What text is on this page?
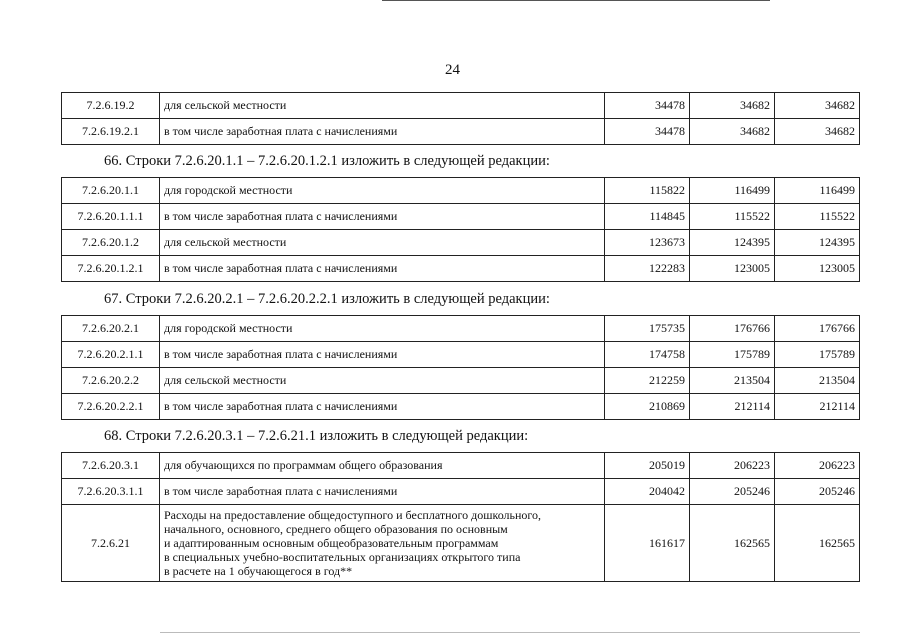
24
7.2.6.19.2	для сельской местности	34478	34682	34682
7.2.6.19.2.1	в том числе заработная плата с начислениями	34478	34682	34682
66. Строки 7.2.6.20.1.1 – 7.2.6.20.1.2.1 изложить в следующей редакции:
7.2.6.20.1.1	для городской местности	115822	116499	116499
7.2.6.20.1.1.1	в том числе заработная плата с начислениями	114845	115522	115522
7.2.6.20.1.2	для сельской местности	123673	124395	124395
7.2.6.20.1.2.1	в том числе заработная плата с начислениями	122283	123005	123005
67. Строки 7.2.6.20.2.1 – 7.2.6.20.2.2.1 изложить в следующей редакции:
7.2.6.20.2.1	для городской местности	175735	176766	176766
7.2.6.20.2.1.1	в том числе заработная плата с начислениями	174758	175789	175789
7.2.6.20.2.2	для сельской местности	212259	213504	213504
7.2.6.20.2.2.1	в том числе заработная плата с начислениями	210869	212114	212114
68. Строки 7.2.6.20.3.1 – 7.2.6.21.1 изложить в следующей редакции:
7.2.6.20.3.1	для обучающихся по программам общего образования	205019	206223	206223
7.2.6.20.3.1.1	в том числе заработная плата с начислениями	204042	205246	205246
7.2.6.21	Расходы на предоставление общедоступного и бесплатного дошкольного,
начального, основного, среднего общего образования по основным
и адаптированным основным общеобразовательным программам
в специальных учебно-воспитательных организациях открытого типа
в расчете на 1 обучающегося в год**	161617	162565	162565
